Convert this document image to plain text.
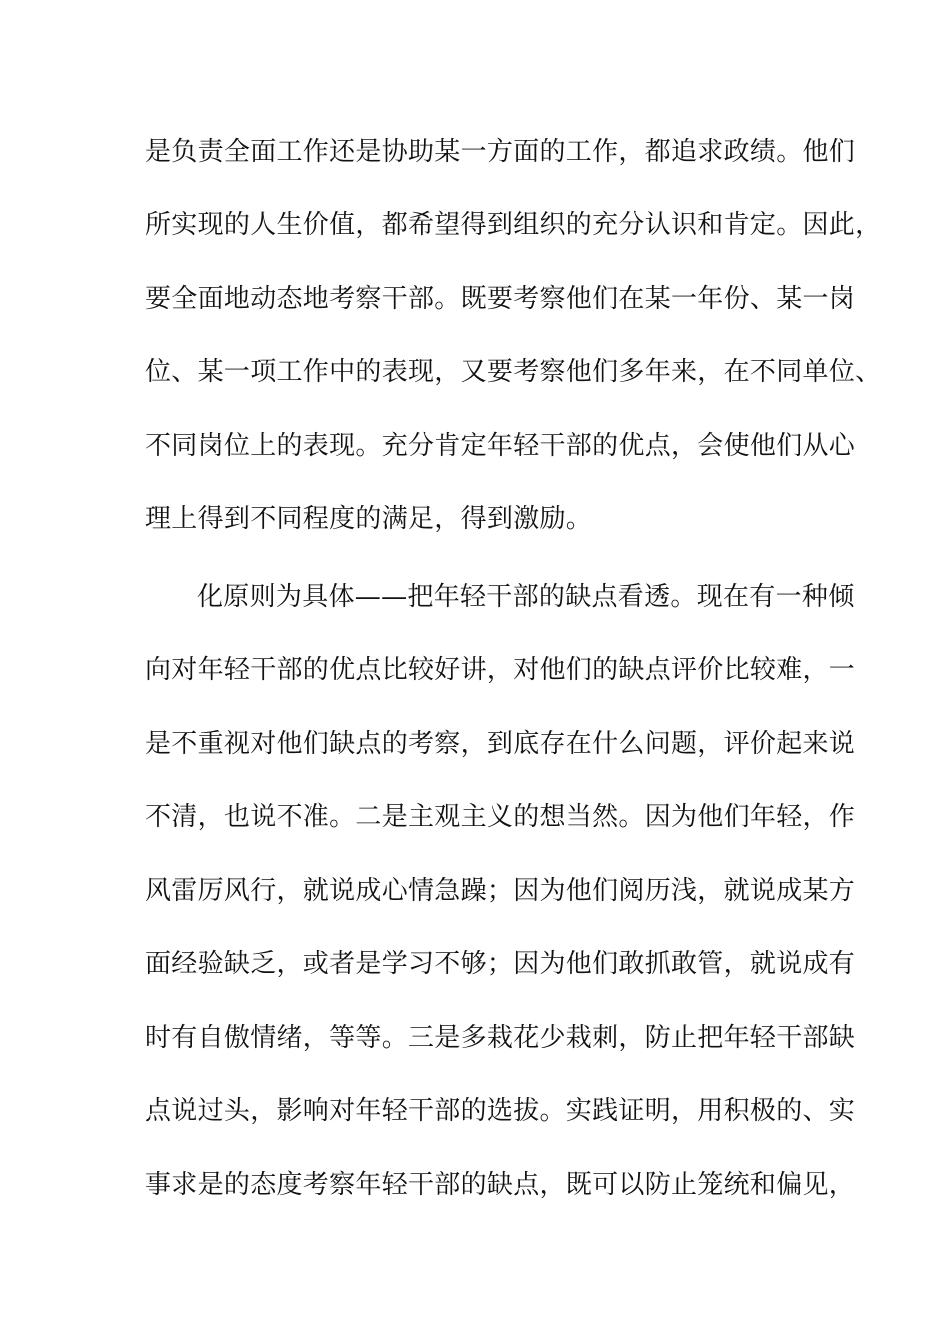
是负责全面工作还是协助某一方面的工作，都追求政绩。他们
所实现的人生价值，都希望得到组织的充分认识和肯定。因此，
要全面地动态地考察干部。既要考察他们在某一年份、某一岗
位、某一项工作中的表现，又要考察他们多年来，在不同单位、
不同岗位上的表现。充分肯定年轻干部的优点，会使他们从心
理上得到不同程度的满足，得到激励。
化原则为具体——把年轻干部的缺点看透。现在有一种倾
向对年轻干部的优点比较好讲，对他们的缺点评价比较难，一
是不重视对他们缺点的考察，到底存在什么问题，评价起来说
不清，也说不准。二是主观主义的想当然。因为他们年轻，作
风雷厉风行，就说成心情急躁；因为他们阅历浅，就说成某方
面经验缺乏，或者是学习不够；因为他们敢抓敢管，就说成有
时有自傲情绪，等等。三是多栽花少栽刺，防止把年轻干部缺
点说过头，影响对年轻干部的选拔。实践证明，用积极的、实
事求是的态度考察年轻干部的缺点，既可以防止笼统和偏见，
